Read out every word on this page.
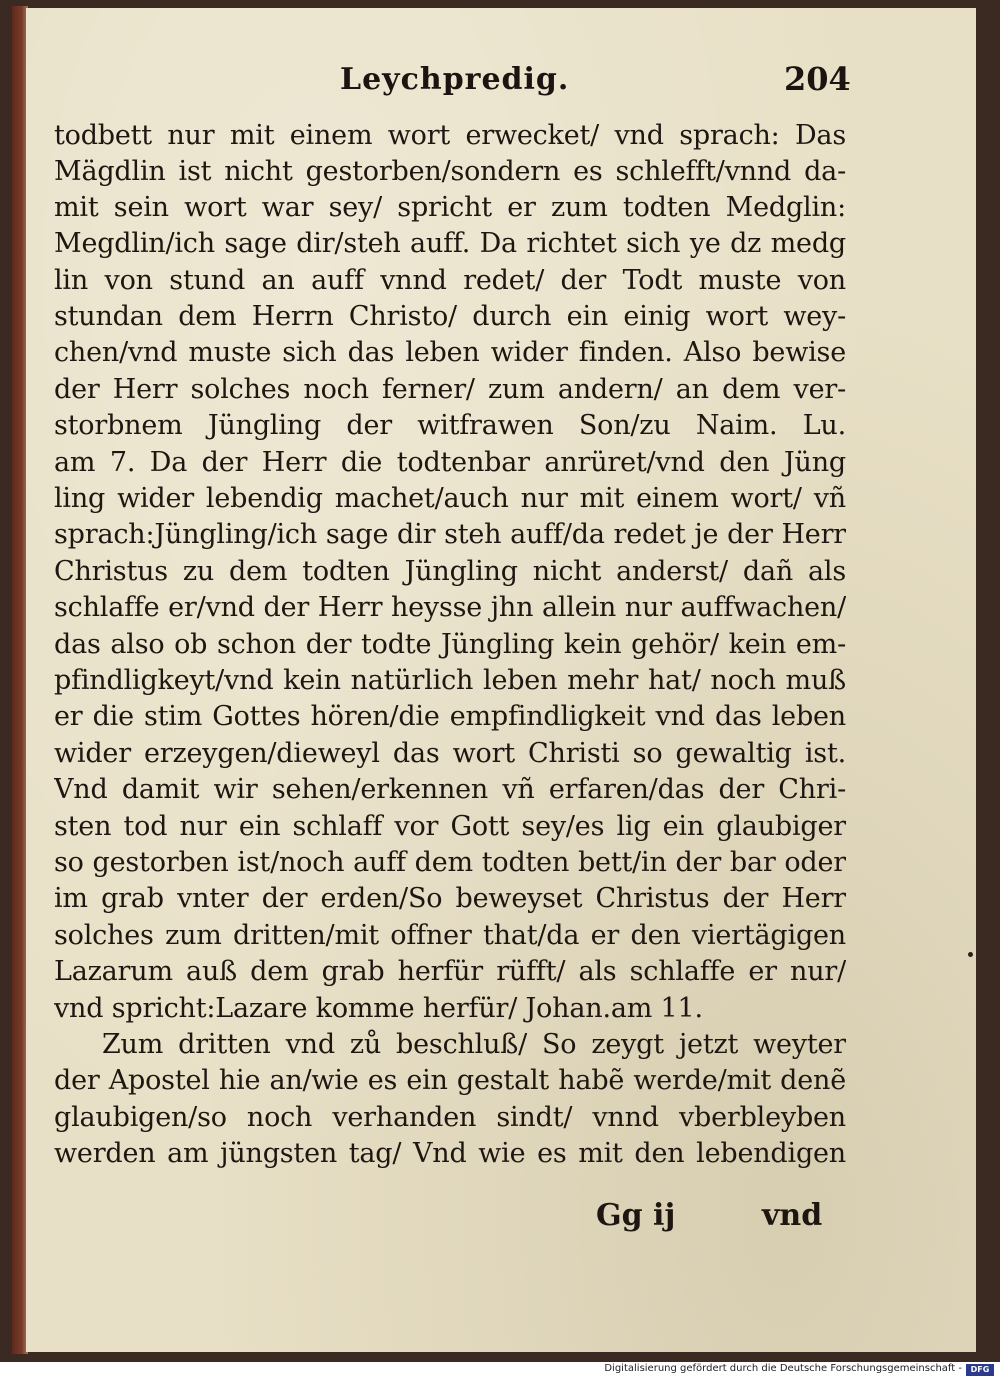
Leychpredig.	204
todbett nur mit einem wort erwecket/ vnd sprach: Das
Mägdlin ist nicht gestorben/sondern es schlefft/vnnd da-
mit sein wort war sey/ spricht er zum todten Medglin:
Megdlin/ich sage dir/steh auff. Da richtet sich ye dz medg
lin von stund an auff vnnd redet/ der Todt muste von
stundan dem Herrn Christo/ durch ein einig wort wey-
chen/vnd muste sich das leben wider finden. Also bewise
der Herr solches noch ferner/ zum andern/ an dem ver-
storbnem Jüngling der witfrawen Son/zu Naim. Lu.
am 7. Da der Herr die todtenbar anrüret/vnd den Jüng
ling wider lebendig machet/auch nur mit einem wort/ vñ
sprach:Jüngling/ich sage dir steh auff/da redet je der Herr
Christus zu dem todten Jüngling nicht anderst/ dañ als
schlaffe er/vnd der Herr heysse jhn allein nur auffwachen/
das also ob schon der todte Jüngling kein gehör/ kein em-
pfindligkeyt/vnd kein natürlich leben mehr hat/ noch muß
er die stim Gottes hören/die empfindligkeit vnd das leben
wider erzeygen/dieweyl das wort Christi so gewaltig ist.
Vnd damit wir sehen/erkennen vñ erfaren/das der Chri-
sten tod nur ein schlaff vor Gott sey/es lig ein glaubiger
so gestorben ist/noch auff dem todten bett/in der bar oder
im grab vnter der erden/So beweyset Christus der Herr
solches zum dritten/mit offner that/da er den viertägigen
Lazarum auß dem grab herfür rüfft/ als schlaffe er nur/
vnd spricht:Lazare komme herfür/ Johan.am 11.
Zum dritten vnd zů beschluß/ So zeygt jetzt weyter
der Apostel hie an/wie es ein gestalt habẽ werde/mit denẽ
glaubigen/so noch verhanden sindt/ vnnd vberbleyben
werden am jüngsten tag/ Vnd wie es mit den lebendigen
Gg ij	vnd
Digitalisierung gefördert durch die Deutsche Forschungsgemeinschaft -	DFG
